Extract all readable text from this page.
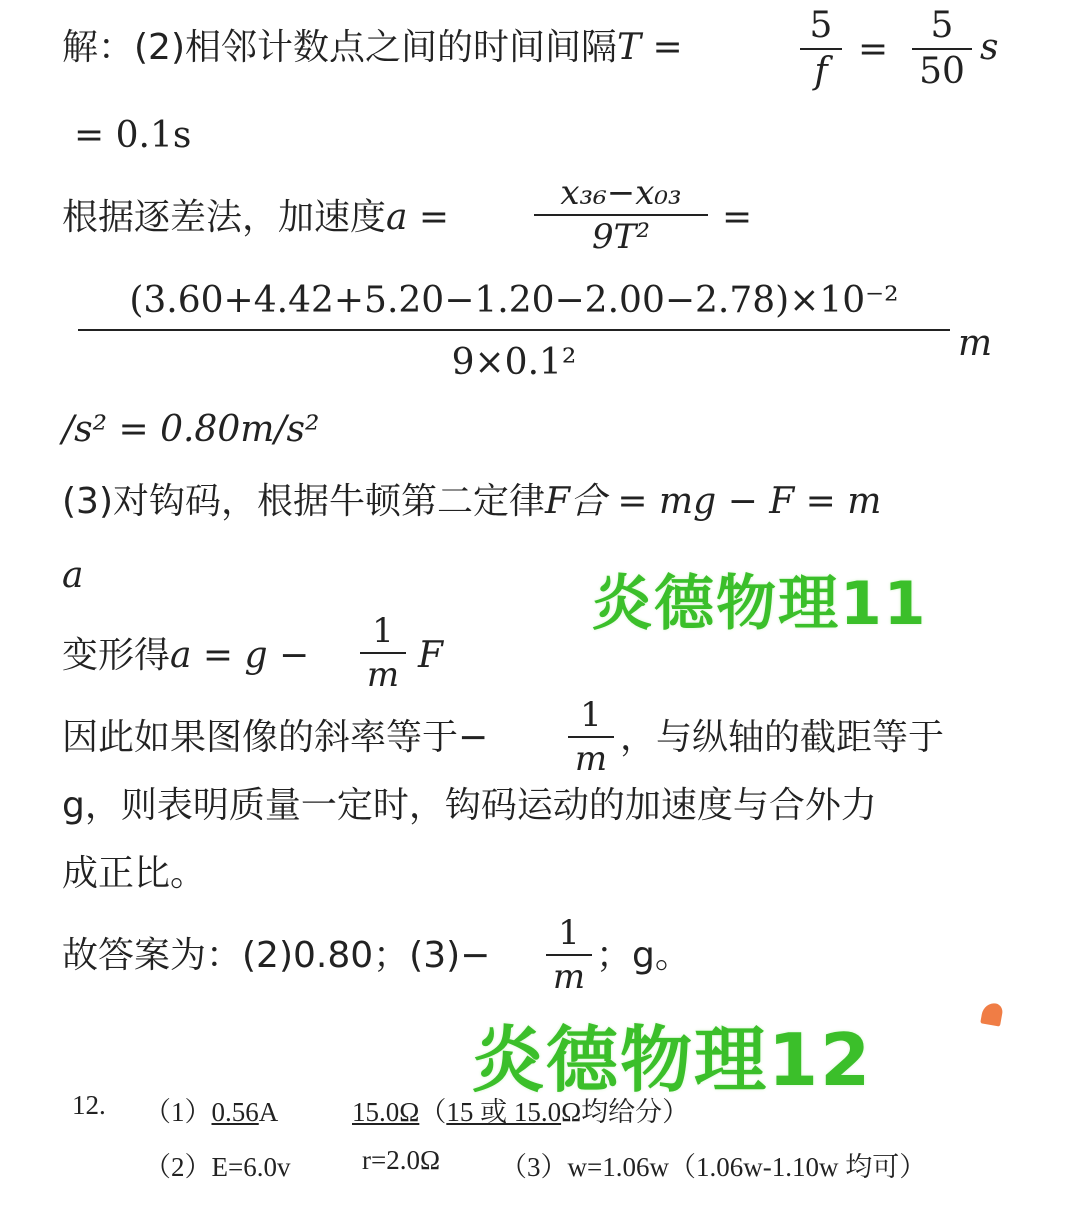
解：(2)相邻计数点之间的时间间隔T =
5
f
=
5
50
s
= 0.1s
根据逐差法，加速度a =
x₃₆−x₀₃
9T²	=
(3.60+4.42+5.20−1.20−2.00−2.78)×10⁻²
9×0.1²	m
/s² = 0.80m/s²
(3)对钩码，根据牛顿第二定律F合 = mg − F = m
a	炎德物理11
变形得a = g −
1
m F
因此如果图像的斜率等于−
1
m
，与纵轴的截距等于
g，则表明质量一定时，钩码运动的加速度与合外力
成正比。
故答案为：(2)0.80；(3)−
1
m
；g。
炎德物理12
12. （1）0.56A	15.0Ω（15 或 15.0Ω均给分）
（2）E=6.0v	r=2.0Ω （3）w=1.06w（1.06w-1.10w 均可）
